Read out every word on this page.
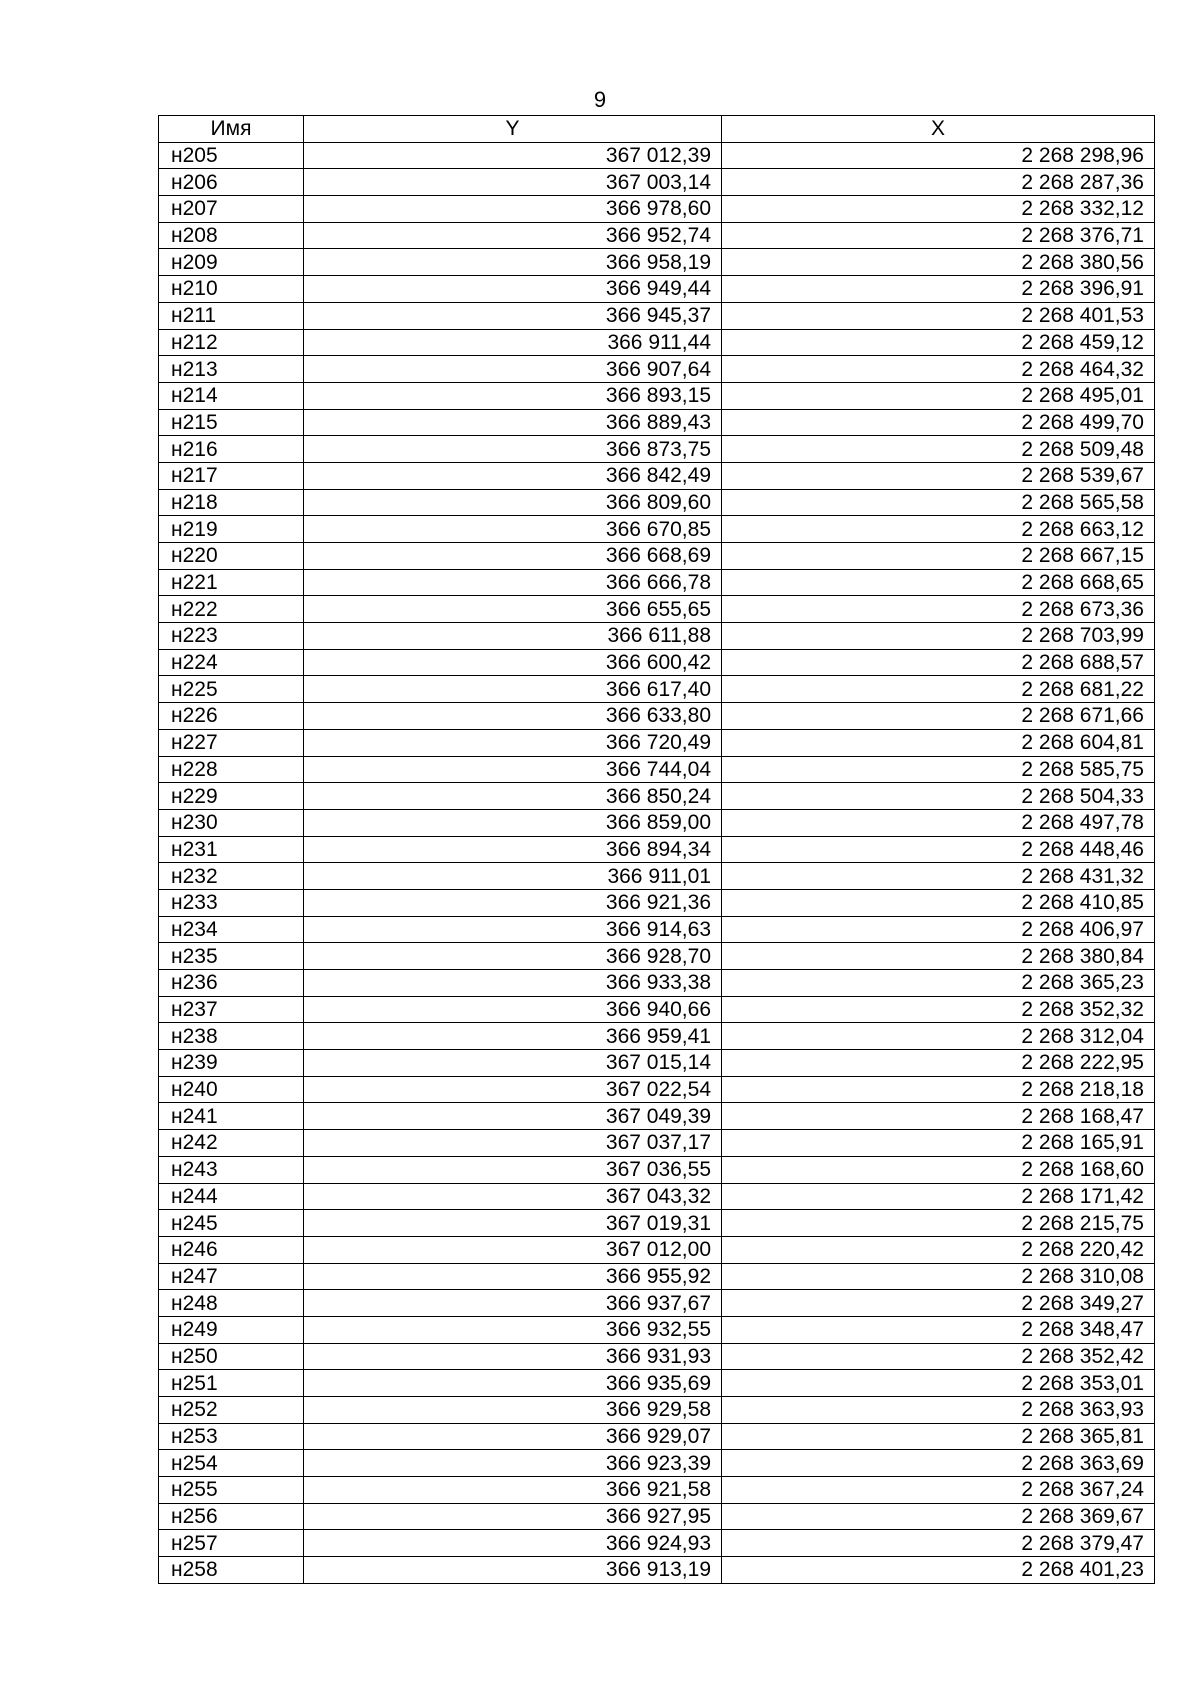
9
Имя	Y	X
н205	367 012,39	2 268 298,96
н206	367 003,14	2 268 287,36
н207	366 978,60	2 268 332,12
н208	366 952,74	2 268 376,71
н209	366 958,19	2 268 380,56
н210	366 949,44	2 268 396,91
н211	366 945,37	2 268 401,53
н212	366 911,44	2 268 459,12
н213	366 907,64	2 268 464,32
н214	366 893,15	2 268 495,01
н215	366 889,43	2 268 499,70
н216	366 873,75	2 268 509,48
н217	366 842,49	2 268 539,67
н218	366 809,60	2 268 565,58
н219	366 670,85	2 268 663,12
н220	366 668,69	2 268 667,15
н221	366 666,78	2 268 668,65
н222	366 655,65	2 268 673,36
н223	366 611,88	2 268 703,99
н224	366 600,42	2 268 688,57
н225	366 617,40	2 268 681,22
н226	366 633,80	2 268 671,66
н227	366 720,49	2 268 604,81
н228	366 744,04	2 268 585,75
н229	366 850,24	2 268 504,33
н230	366 859,00	2 268 497,78
н231	366 894,34	2 268 448,46
н232	366 911,01	2 268 431,32
н233	366 921,36	2 268 410,85
н234	366 914,63	2 268 406,97
н235	366 928,70	2 268 380,84
н236	366 933,38	2 268 365,23
н237	366 940,66	2 268 352,32
н238	366 959,41	2 268 312,04
н239	367 015,14	2 268 222,95
н240	367 022,54	2 268 218,18
н241	367 049,39	2 268 168,47
н242	367 037,17	2 268 165,91
н243	367 036,55	2 268 168,60
н244	367 043,32	2 268 171,42
н245	367 019,31	2 268 215,75
н246	367 012,00	2 268 220,42
н247	366 955,92	2 268 310,08
н248	366 937,67	2 268 349,27
н249	366 932,55	2 268 348,47
н250	366 931,93	2 268 352,42
н251	366 935,69	2 268 353,01
н252	366 929,58	2 268 363,93
н253	366 929,07	2 268 365,81
н254	366 923,39	2 268 363,69
н255	366 921,58	2 268 367,24
н256	366 927,95	2 268 369,67
н257	366 924,93	2 268 379,47
н258	366 913,19	2 268 401,23
